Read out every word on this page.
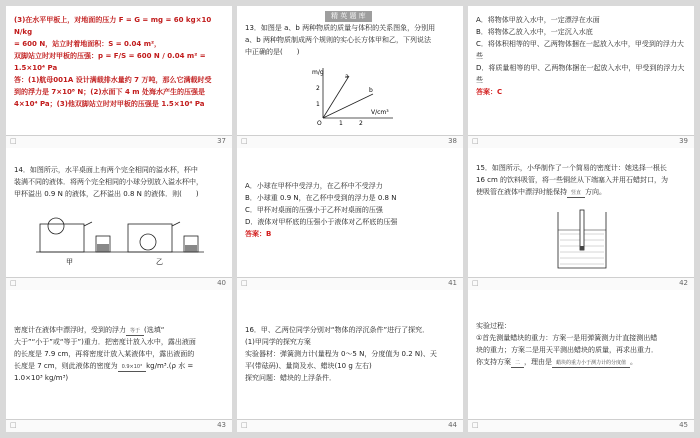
(3)在水平甲板上，对地面的压力 F = G = mg = 60 kg×10 N/kg
= 600 N，站立时着地面积：S = 0.04 m²，
双脚站立时对甲板的压强：p = F/S = 600 N / 0.04 m² = 1.5×10⁴ Pa
答：(1)航母001A 设计满载排水量约 7 万吨，那么它满载时受
到的浮力是 7×10⁸ N；(2)水面下 4 m 处海水产生的压强是
4×10⁴ Pa；(3)他双脚站立时对甲板的压强是 1.5×10⁴ Pa
□	37
精 英 题 库
13．如图是 a、b 两种物质的质量与体积的关系图象，分别用
a、b 两种物质制成两个规则的实心长方体甲和乙，下列说法
中正确的是(　　)
m/g
V/cm³
a
b
O	1	2
1
2
□	38
A．将物体甲放入水中，一定漂浮在水面
B．将物体乙放入水中，一定沉入水底
C．将体积相等的甲、乙两物体捆在一起放入水中，甲受到的浮力大些
D．将质量相等的甲、乙两物体捆在一起放入水中，甲受到的浮力大些
答案：C
□	39
14．如图所示，水平桌面上有两个完全相同的溢水杯，杯中
装满不同的液体．将两个完全相同的小球分别放入溢水杯中，
甲杯溢出 0.9 N 的液体，乙杯溢出 0.8 N 的液体．则(　　)
甲	乙
□	40
A．小球在甲杯中受浮力，在乙杯中不受浮力
B．小球重 0.9 N，在乙杯中受到的浮力是 0.8 N
C．甲杯对桌面的压强小于乙杯对桌面的压强
D．液体对甲杯底的压强小于液体对乙杯底的压强
答案：B
□	41
15．如图所示，小华制作了一个简易的密度计：她选择一根长
16 cm 的饮料吸管，将一些铜丝从下端塞入并用石蜡封口，为
使吸管在液体中漂浮时能保持 竖直 方向。
□	42
密度计在液体中漂浮时，受到的浮力 等于 (选填“
大于”“小于”或“等于”)重力．把密度计放入水中，露出液面
的长度是 7.9 cm，再将密度计放入某液体中，露出液面的
长度是 7 cm，则此液体的密度为 0.9×10³ kg/m³.(ρ 水 =
1.0×10³ kg/m³)
□	43
16．甲、乙两位同学分别对“物体的浮沉条件”进行了探究．
(1)甲同学的探究方案
实验器材：弹簧测力计(量程为 0～5 N，分度值为 0.2 N)、天
平(带砝码)、量筒及水、蜡块(10 g 左右)
探究问题：蜡块的上浮条件．
□	44
实验过程：
①首先测量蜡块的重力：方案一是用弹簧测力计直接测出蜡
块的重力；方案二是用天平测出蜡块的质量，再求出重力．
你支持方案 二 ，理由是 蜡块的重力小于测力计的分度值 。
□	45
